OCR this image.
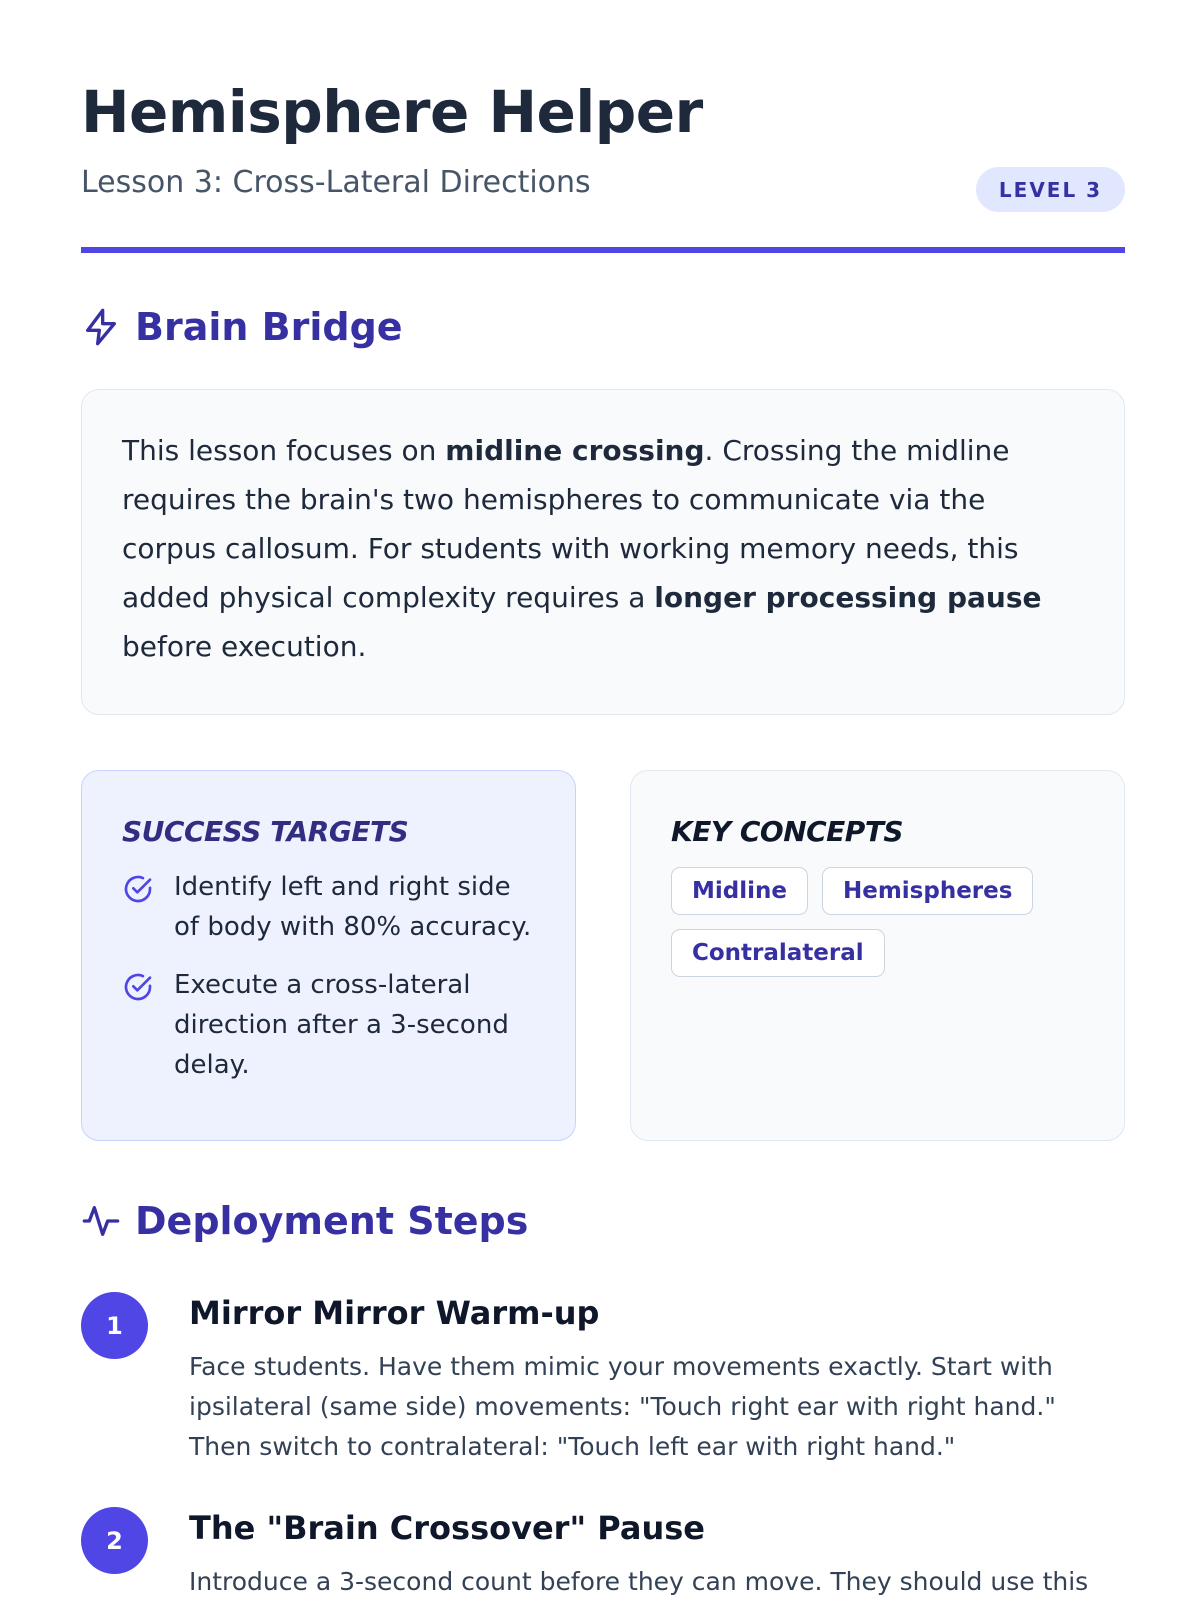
Hemisphere Helper
Lesson 3: Cross-Lateral Directions	LEVEL 3
Brain Bridge

This lesson focuses on midline crossing. Crossing the midline requires the brain's two hemispheres to communicate via the corpus callosum. For students with working memory needs, this added physical complexity requires a longer processing pause before execution.

SUCCESS TARGETS
Identify left and right side of body with 80% accuracy.
Execute a cross-lateral direction after a 3-second delay.
KEY CONCEPTS
Midline	Hemispheres
Contralateral
Deployment Steps
1	Mirror Mirror Warm-up
Face students. Have them mimic your movements exactly. Start with ipsilateral (same side) movements: "Touch right ear with right hand." Then switch to contralateral: "Touch left ear with right hand."
2	The "Brain Crossover" Pause
Introduce a 3-second count before they can move. They should use this
